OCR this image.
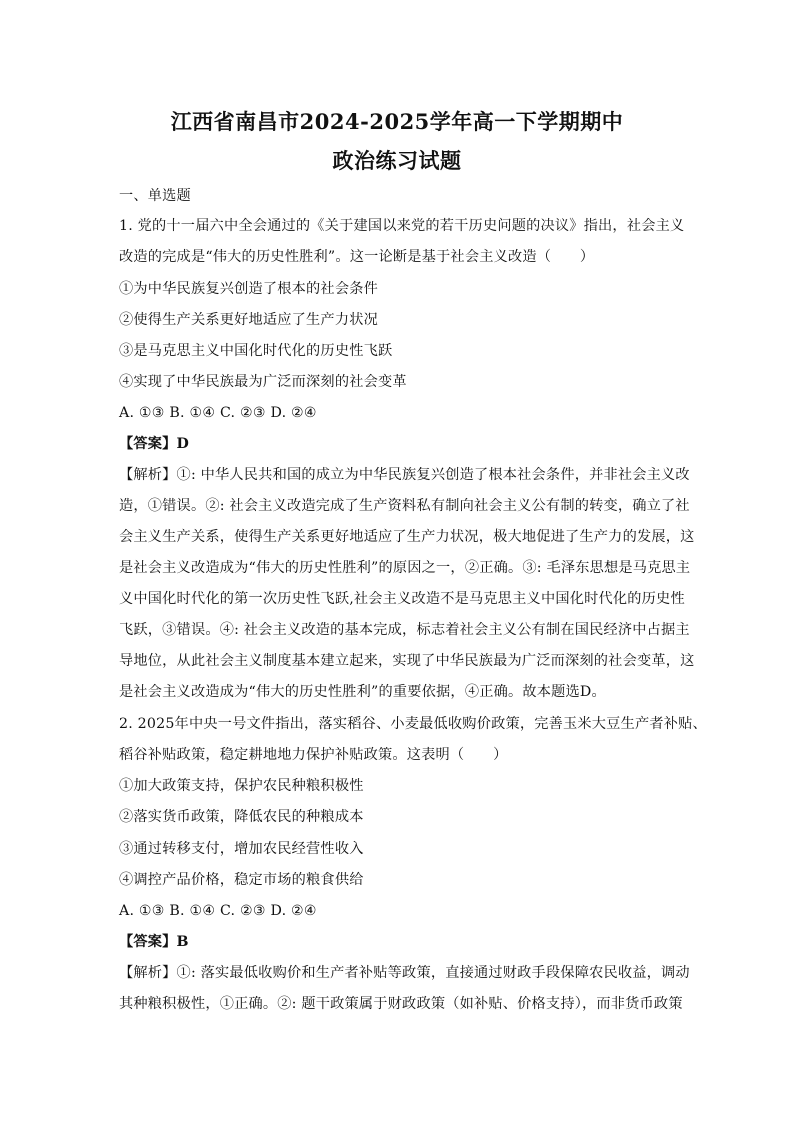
江西省南昌市2024-2025学年高一下学期期中
政治练习试题
一、单选题
1. 党的十一届六中全会通过的《关于建国以来党的若干历史问题的决议》指出，社会主义
改造的完成是“伟大的历史性胜利”。这一论断是基于社会主义改造（　　）
①为中华民族复兴创造了根本的社会条件
②使得生产关系更好地适应了生产力状况
③是马克思主义中国化时代化的历史性飞跃
④实现了中华民族最为广泛而深刻的社会变革
A. ①③ B. ①④ C. ②③ D. ②④
【答案】D
【解析】①: 中华人民共和国的成立为中华民族复兴创造了根本社会条件，并非社会主义改
造，①错误。②: 社会主义改造完成了生产资料私有制向社会主义公有制的转变，确立了社
会主义生产关系，使得生产关系更好地适应了生产力状况，极大地促进了生产力的发展，这
是社会主义改造成为“伟大的历史性胜利”的原因之一，②正确。③: 毛泽东思想是马克思主
义中国化时代化的第一次历史性飞跃,社会主义改造不是马克思主义中国化时代化的历史性
飞跃，③错误。④: 社会主义改造的基本完成，标志着社会主义公有制在国民经济中占据主
导地位，从此社会主义制度基本建立起来，实现了中华民族最为广泛而深刻的社会变革，这
是社会主义改造成为“伟大的历史性胜利”的重要依据，④正确。故本题选D。
2. 2025年中央一号文件指出，落实稻谷、小麦最低收购价政策，完善玉米大豆生产者补贴、
稻谷补贴政策，稳定耕地地力保护补贴政策。这表明（　　）
①加大政策支持，保护农民种粮积极性
②落实货币政策，降低农民的种粮成本
③通过转移支付，增加农民经营性收入
④调控产品价格，稳定市场的粮食供给
A. ①③ B. ①④ C. ②③ D. ②④
【答案】B
【解析】①: 落实最低收购价和生产者补贴等政策，直接通过财政手段保障农民收益，调动
其种粮积极性，①正确。②: 题干政策属于财政政策（如补贴、价格支持），而非货币政策
